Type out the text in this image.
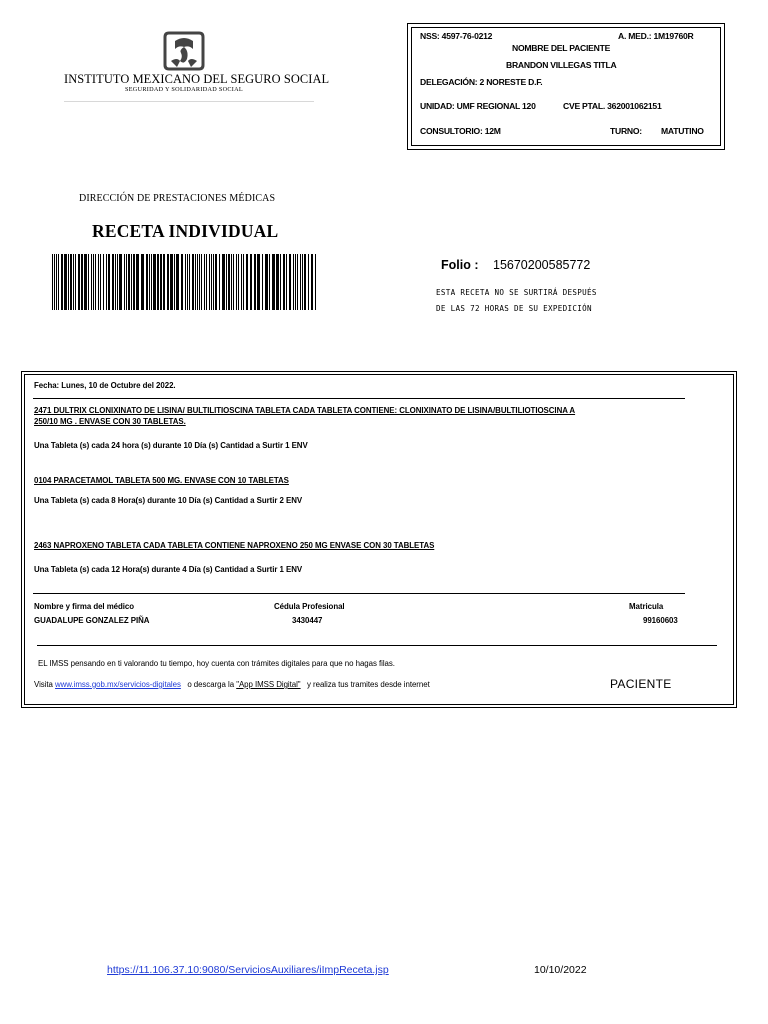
INSTITUTO MEXICANO DEL SEGURO SOCIAL
SEGURIDAD Y SOLIDARIDAD SOCIAL
NSS: 4597-76-0212	A. MED.: 1M19760R
NOMBRE DEL PACIENTE
BRANDON VILLEGAS TITLA
DELEGACIÓN: 2 NORESTE D.F.
UNIDAD: UMF REGIONAL 120	CVE PTAL. 362001062151
CONSULTORIO: 12M	TURNO: MATUTINO
DIRECCIÓN DE PRESTACIONES MÉDICAS
RECETA INDIVIDUAL
Folio : 15670200585772
ESTA RECETA NO SE SURTIRÁ DESPUÉS
DE LAS 72 HORAS DE SU EXPEDICIÓN
Fecha: Lunes, 10 de Octubre del 2022.
2471 DULTRIX CLONIXINATO DE LISINA/ BULTILITIOSCINA TABLETA CADA TABLETA CONTIENE: CLONIXINATO DE LISINA/BULTILIOTIOSCINA A
250/10 MG . ENVASE CON 30 TABLETAS.
Una Tableta (s) cada 24 hora (s) durante 10 Día (s) Cantidad a Surtir 1 ENV
0104 PARACETAMOL TABLETA 500 MG. ENVASE CON 10 TABLETAS
Una Tableta (s) cada 8 Hora(s) durante 10 Día (s) Cantidad a Surtir 2 ENV
2463 NAPROXENO TABLETA CADA TABLETA CONTIENE NAPROXENO 250 MG ENVASE CON 30 TABLETAS
Una Tableta (s) cada 12 Hora(s) durante 4 Día (s) Cantidad a Surtir 1 ENV
Nombre y firma del médico
GUADALUPE GONZALEZ PIÑA
Cédula Profesional
3430447
Matricula
99160603
EL IMSS pensando en ti valorando tu tiempo, hoy cuenta con trámites digitales para que no hagas filas.
Visita www.imss.gob.mx/servicios-digitales o descarga la "App IMSS Digital" y realiza tus tramites desde internet	PACIENTE
https://11.106.37.10:9080/ServiciosAuxiliares/iImpReceta.jsp	10/10/2022
